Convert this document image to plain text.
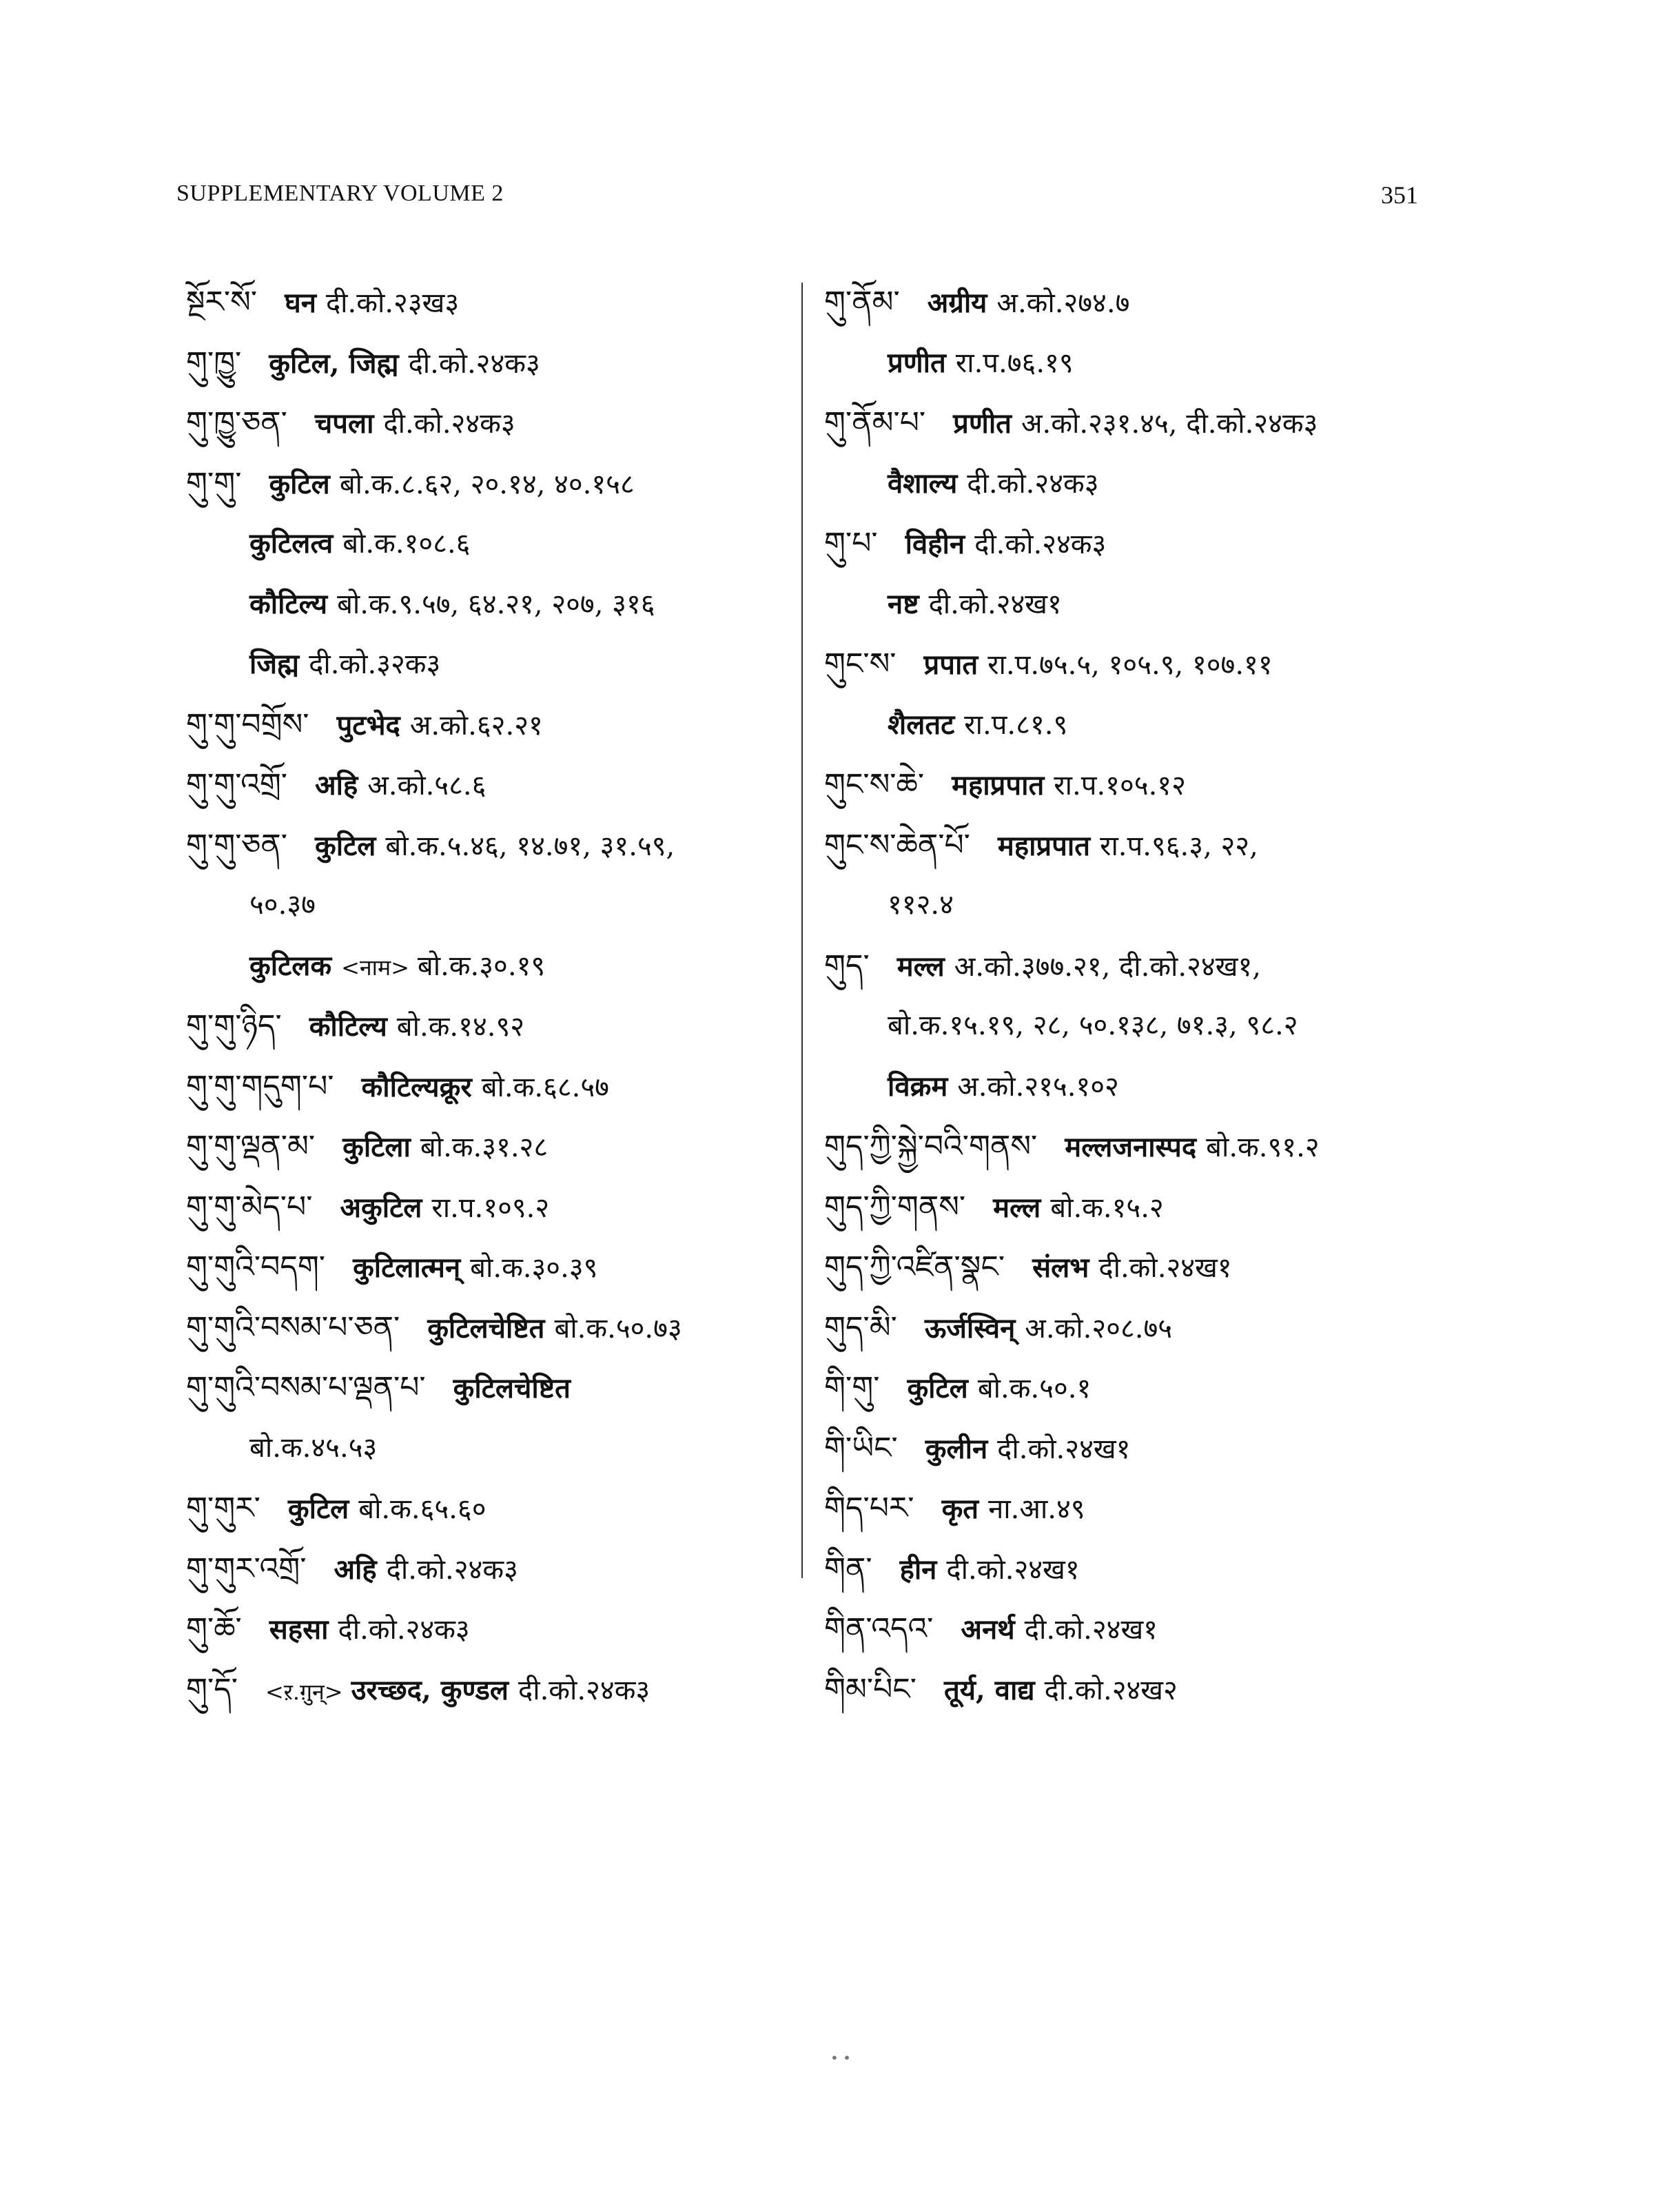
SUPPLEMENTARY VOLUME 2	351
སྔོར་སོ་ घन दी.को.२३ख३
གུ་ཁྱུ་ कुटिल, जिह्म दी.को.२४क३
གུ་ཁྱུ་ཅན་ चपला दी.को.२४क३
གུ་གུ་ कुटिल बो.क.८.६२, २०.१४, ४०.१५८
कुटिलत्व बो.क.१०८.६
कौटिल्य बो.क.९.५७, ६४.२१, २०७, ३१६
जिह्म दी.को.३२क३
གུ་གུ་བགྲོས་ पुटभेद अ.को.६२.२१
གུ་གུ་འགྲོ་ अहि अ.को.५८.६
གུ་གུ་ཅན་ कुटिल बो.क.५.४६, १४.७१, ३१.५९,
५०.३७
कुटिलक <नाम> बो.क.३०.१९
གུ་གུ་ཉིད་ कौटिल्य बो.क.१४.९२
གུ་གུ་གདུག་པ་ कौटिल्यक्रूर बो.क.६८.५७
གུ་གུ་ལྡན་མ་ कुटिला बो.क.३१.२८
གུ་གུ་མེད་པ་ अकुटिल रा.प.१०९.२
གུ་གུའི་བདག་ कुटिलात्मन् बो.क.३०.३९
གུ་གུའི་བསམ་པ་ཅན་ कुटिलचेष्टित बो.क.५०.७३
གུ་གུའི་བསམ་པ་ལྡན་པ་ कुटिलचेष्टित
बो.क.४५.५३
གུ་གུར་ कुटिल बो.क.६५.६०
གུ་གུར་འགྲོ་ अहि दी.को.२४क३
གུ་ཆོ་ सहसा दी.को.२४क३
གུ་དོ་ <ऱ.ग़ुन्> उरच्छद, कुण्डल दी.को.२४क३
གུ་ནོམ་ अग्रीय अ.को.२७४.७
प्रणीत रा.प.७६.१९
གུ་ནོམ་པ་ प्रणीत अ.को.२३१.४५, दी.को.२४क३
वैशाल्य दी.को.२४क३
གུ་པ་ विहीन दी.को.२४क३
नष्ट दी.को.२४ख१
གུང་ས་ प्रपात रा.प.७५.५, १०५.९, १०७.११
शैलतट रा.प.८१.९
གུང་ས་ཆེ་ महाप्रपात रा.प.१०५.१२
གུང་ས་ཆེན་པོ་ महाप्रपात रा.प.९६.३, २२,
११२.४
གུད་ मल्ल अ.को.३७७.२१, दी.को.२४ख१,
बो.क.१५.१९, २८, ५०.१३८, ७१.३, ९८.२
विक्रम अ.को.२१५.१०२
གུད་ཀྱི་སྐྱེ་བའི་གནས་ मल्लजनास्पद बो.क.९१.२
གུད་ཀྱི་གནས་ मल्ल बो.क.१५.२
གུད་ཀྱི་འཛིན་སྣང་ संलभ दी.को.२४ख१
གུད་མི་ ऊर्जस्विन् अ.को.२०८.७५
གི་གུ་ कुटिल बो.क.५०.१
གི་ཡིང་ कुलीन दी.को.२४ख१
གིད་པར་ कृत ना.आ.४९
གིན་ हीन दी.को.२४ख१
གིན་འདའ་ अनर्थ दी.को.२४ख१
གིམ་པིང་ तूर्य, वाद्य दी.को.२४ख२
• •
